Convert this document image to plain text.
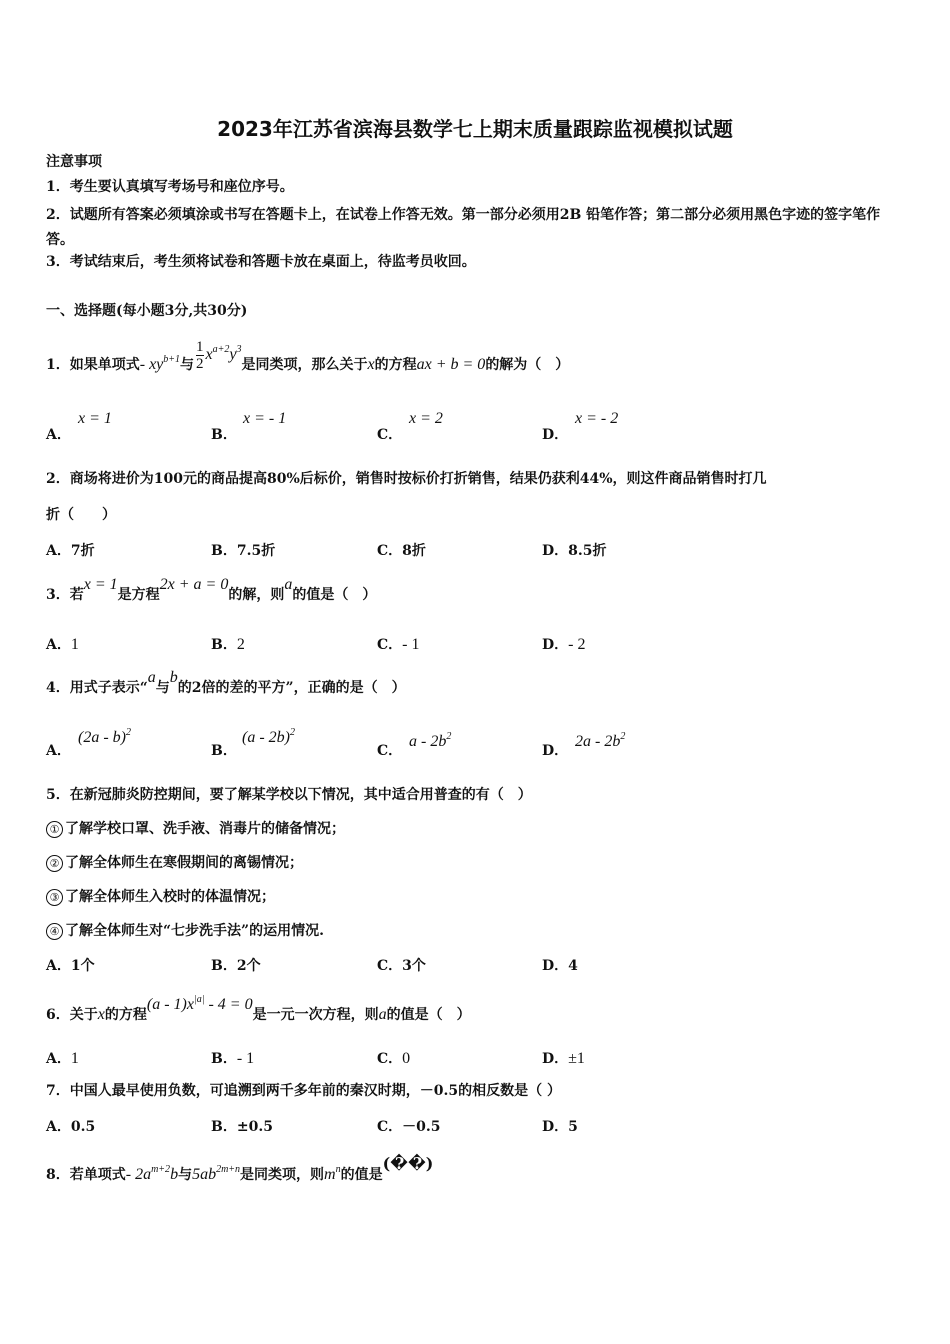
2023年江苏省滨海县数学七上期末质量跟踪监视模拟试题
注意事项
1．考生要认真填写考场号和座位序号。
2．试题所有答案必须填涂或书写在答题卡上，在试卷上作答无效。第一部分必须用2B 铅笔作答；第二部分必须用黑色字迹的签字笔作答。
3．考试结束后，考生须将试卷和答题卡放在桌面上，待监考员收回。
一、选择题(每小题3分,共30分)
1．如果单项式- $xy^{b+1}$与 $\frac{1}{2} x^{a+2}y^3$是同类项，那么关于x的方程ax + b = 0的解为（　）
A．
x = 1
B．
x = - 1
C．
x = 2
D．
x = - 2
2．商场将进价为100元的商品提高80%后标价，销售时按标价打折销售，结果仍获利44%，则这件商品销售时打几
折（　　）
A．7折	B．7.5折	C．8折	D．8.5折
3．若x = 1是方程2x + a = 0的解，则a的值是（　）
A．1	B．2	C．- 1	D．- 2
4．用式子表示“a与b的2倍的差的平方”，正确的是（　）
A．
(2a - b)$^2$
B．
(a - 2b)$^2$
C．
a - $2b^2$
D．
$2a - 2b^2$
5．在新冠肺炎防控期间，要了解某学校以下情况，其中适合用普查的有（　）
① 了解学校口罩、洗手液、消毒片的储备情况；
② 了解全体师生在寒假期间的离锡情况；
③ 了解全体师生入校时的体温情况；
④ 了解全体师生对“七步洗手法”的运用情况.
A．1个	B．2个	C．3个	D．4
6．关于x的方程$(a - 1)x^{|a|} - 4 = 0$是一元一次方程，则a的值是（　）
A．1	B．- 1	C．0	D．±1
7．中国人最早使用负数，可追溯到两千多年前的秦汉时期，－0.5的相反数是（ ）
A．0.5	B．±0.5	C．－0.5	D．5
8．若单项式- $2a^{m+2}b$与$5ab^{2m+n}$是同类项，则$m^n$的值是(��)
